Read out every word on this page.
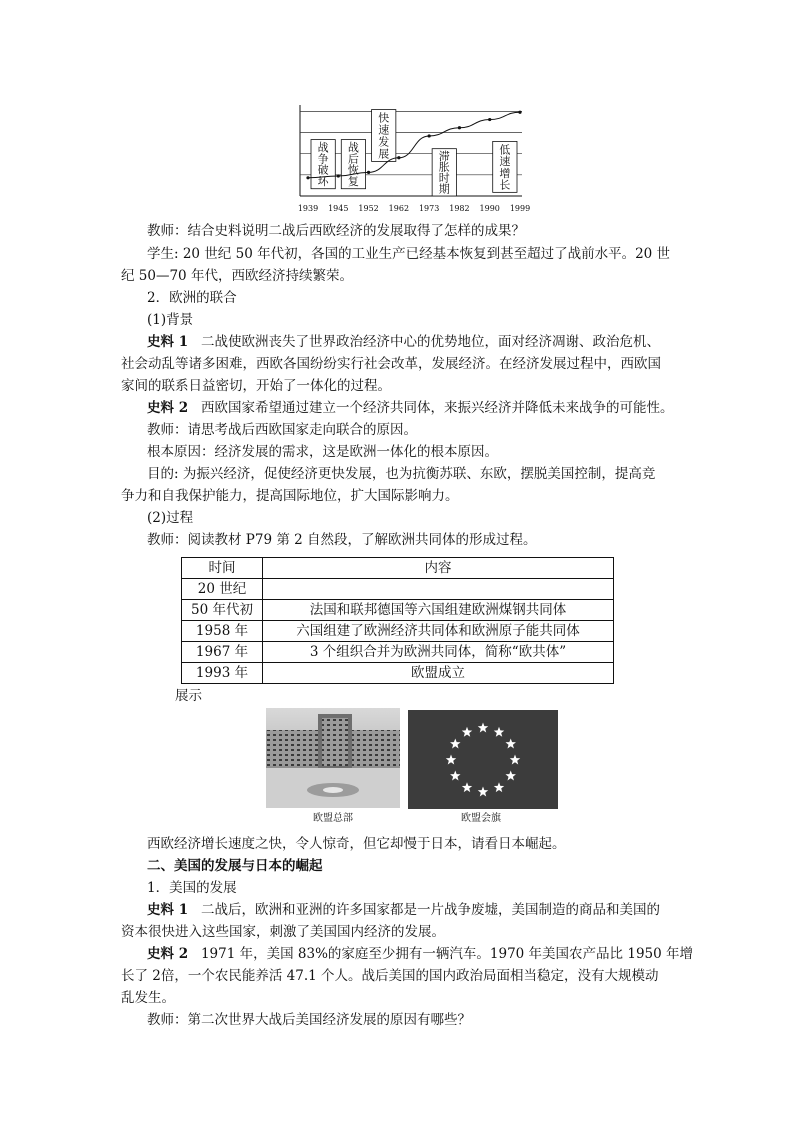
战争破坏
战后恢复
快速发展	滞胀时期
低速增长
1939 1945 1952 1962 1973 1982 1990 1999
教师：结合史料说明二战后西欧经济的发展取得了怎样的成果？
学生: 20 世纪 50 年代初，各国的工业生产已经基本恢复到甚至超过了战前水平。20 世
纪 50—70 年代，西欧经济持续繁荣。
2．欧洲的联合
(1)背景
史料 1 二战使欧洲丧失了世界政治经济中心的优势地位，面对经济凋谢、政治危机、
社会动乱等诸多困难，西欧各国纷纷实行社会改革，发展经济。在经济发展过程中，西欧国
家间的联系日益密切，开始了一体化的过程。
史料 2 西欧国家希望通过建立一个经济共同体，来振兴经济并降低未来战争的可能性。
教师：请思考战后西欧国家走向联合的原因。
根本原因：经济发展的需求，这是欧洲一体化的根本原因。
目的: 为振兴经济，促使经济更快发展，也为抗衡苏联、东欧，摆脱美国控制，提高竞
争力和自我保护能力，提高国际地位，扩大国际影响力。
(2)过程
教师：阅读教材 P79 第 2 自然段，了解欧洲共同体的形成过程。
时间	内容
20 世纪	
50 年代初	法国和联邦德国等六国组建欧洲煤钢共同体
1958 年	六国组建了欧洲经济共同体和欧洲原子能共同体
1967 年	3 个组织合并为欧洲共同体，简称“欧共体”
1993 年	欧盟成立
展示
欧盟总部	欧盟会旗
西欧经济增长速度之快，令人惊奇，但它却慢于日本，请看日本崛起。
二、美国的发展与日本的崛起
1．美国的发展
史料 1 二战后，欧洲和亚洲的许多国家都是一片战争废墟，美国制造的商品和美国的
资本很快进入这些国家，刺激了美国国内经济的发展。
史料 2 1971 年，美国 83%的家庭至少拥有一辆汽车。1970 年美国农产品比 1950 年增
长了 2倍，一个农民能养活 47.1 个人。战后美国的国内政治局面相当稳定，没有大规模动
乱发生。
教师：第二次世界大战后美国经济发展的原因有哪些？
